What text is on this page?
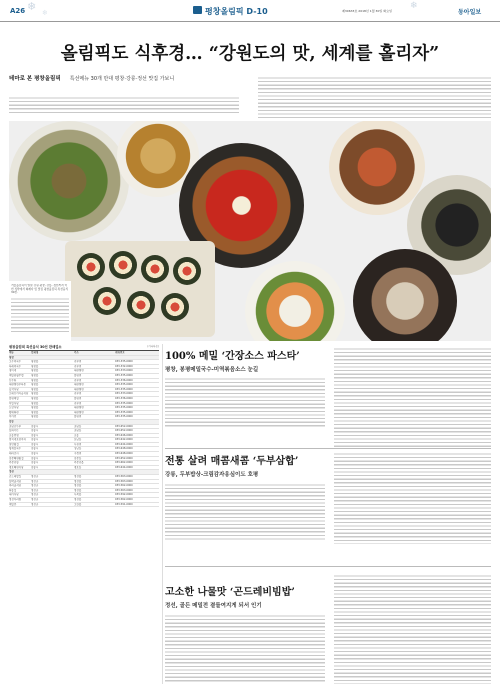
A26 ❄ ❄
❄
평창올림픽 D-10	제30633호 2018년 1월 30일 화요일	동아일보
올림픽도 식후경… “강원도의 맛, 세계를 홀리자”
테마로 본 평창올림픽 특선메뉴 30개 만대 평창·강릉·정선 맛집 가보니
겨울올림픽이 열릴 강원 평창, 강릉, 정선까지 이번 식탁에서 화제다 및 맛집 평창올림픽 특선음식 30선.
평창올림픽 특선음식 30선 판매업소	(가나다순)
메뉴	업체명	주소	전화번호
평창
고수막국수	평창읍	진부면	033-335-0000
다래막국수	평창읍	진부면	033-332-0000
청이네	평창읍	대관령면	033-333-0000
메밀꽃필무렵	평창읍	봉평면	033-335-0000
산수화	평창읍	진부면	033-336-0000
대관령한우타운	평창읍	대관령면	033-335-0000
납작식당	평창읍	대관령면	033-335-0000
오대산가마솥식당	평창읍	진부면	033-333-0000
봉평메밀	평창읍	봉평면	033-336-0000
부일식당	평창읍	진부면	033-335-0000
도암식당	평창읍	대관령면	033-335-0000
황태회관	평창읍	대관령면	033-335-0000
미가연	평창읍	봉평면	033-335-0000
강릉
초당순두부	강릉시	초당동	033-652-0000
동화가든	강릉시	초당동	033-652-0000
교동반점	강릉시	교동	033-646-0000
엄지네포장마차	강릉시	포남동	033-642-0000
장안횟집	강릉시	사천면	033-644-0000
형제칼국수	강릉시	성남동	033-648-0000
테라로사	강릉시	구정면	033-648-0000
강문해변횟집	강릉시	강문동	033-652-0000
주문진항	강릉시	주문진읍	033-662-0000
경포해변식당	강릉시	경포동	033-644-0000
정선
곤드레밥집	정선군	정선읍	033-563-0000
동박골식당	정선군	정선읍	033-563-0000
싸리골식당	정선군	정선읍	033-562-0000
회동집	정선군	정선읍	033-563-0000
대가식당	정선군	사북읍	033-592-0000
정선아리랑	정선군	정선읍	033-562-0000
메밀촌	정선군	고한읍	033-591-0000
100% 메밀 ‘간장소스 파스타’
평창, 봉평메밀국수-미역볶음소스 눈길
전통 살려 매콤새콤 ‘두부삼합’
강릉, 두부밥상-크림감자옹심이도 호평
고소한 나물맛 ‘곤드레비빔밥’
정선, 골든 메밀전 곁들여지게 되서 인기
